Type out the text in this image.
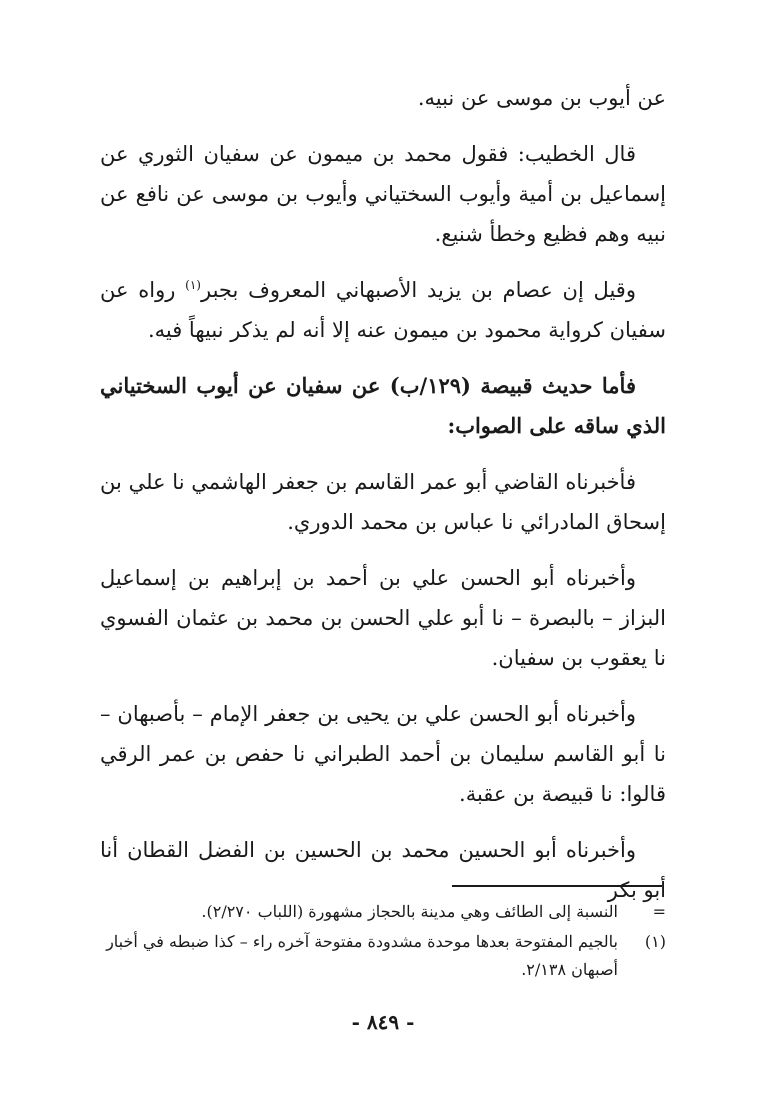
عن أيوب بن موسى عن نبيه.

قال الخطيب: فقول محمد بن ميمون عن سفيان الثوري عن إسماعيل بن أمية وأيوب السختياني وأيوب بن موسى عن نافع عن نبيه وهم فظيع وخطأ شنيع.

وقيل إن عصام بن يزيد الأصبهاني المعروف بجبر$^{(١)}$ رواه عن سفيان كرواية محمود بن ميمون عنه إلا أنه لم يذكر نبيهاً فيه.

فأما حديث قبيصة (١٢٩/ب) عن سفيان عن أيوب السختياني الذي ساقه على الصواب:

فأخبرناه القاضي أبو عمر القاسم بن جعفر الهاشمي نا علي بن إسحاق المادرائي نا عباس بن محمد الدوري.

وأخبرناه أبو الحسن علي بن أحمد بن إبراهيم بن إسماعيل البزاز – بالبصرة – نا أبو علي الحسن بن محمد بن عثمان الفسوي نا يعقوب بن سفيان.

وأخبرناه أبو الحسن علي بن يحيى بن جعفر الإمام – بأصبهان – نا أبو القاسم سليمان بن أحمد الطبراني نا حفص بن عمر الرقي قالوا: نا قبيصة بن عقبة.

وأخبرناه أبو الحسين محمد بن الحسين بن الفضل القطان أنا أبو بكر

=
النسبة إلى الطائف وهي مدينة بالحجاز مشهورة (اللباب ٢/٢٧٠).
(١)
بالجيم المفتوحة بعدها موحدة مشدودة مفتوحة آخره راء – كذا ضبطه في أخبار أصبهان ٢/١٣٨.
- ٨٤٩ -
